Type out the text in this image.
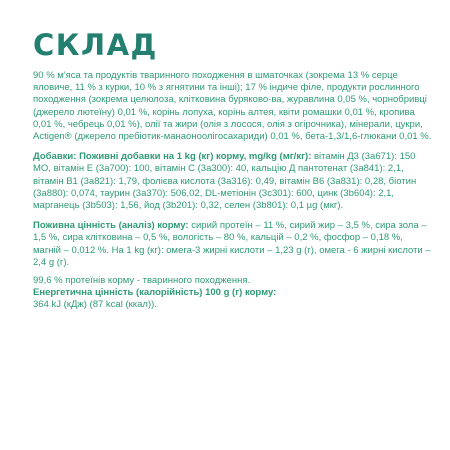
СКЛАД

90 % м'яса та продуктів тваринного походження в шматочках (зокрема 13 % серце яловиче, 11 % з курки, 10 % з ягнятини та інші); 17 % індиче філе, продукти рослинного походження (зокрема целюлоза, клітковина буряково-ва, журавлина 0,05 %, чорнобривці (джерело лютеїну) 0,01 %, корінь лопуха, корінь алтея, квіти ромашки 0,01 %, кропива 0,01 %, чебрець 0,01 %), олії та жири (олія з лосося, олія з огірочника), мінерали, цукри, Actigen® (джерело пребіотик-манаоноолігосахариди) 0,01 %, бета-1,3/1,6-глюкани 0,01 %.

Добавки: Поживні добавки на 1 kg (кг) корму, mg/kg (мг/кг): вітамін Д3 (3а671): 150 МО, вітамін Е (3а700): 100, вітамін С (3а300): 40, кальцію Д пантотенат (3а841): 2,1, вітамін В1 (3а821): 1,79, фолієва кислота (3а316): 0,49, вітамін В6 (3а831): 0,28, біотин (3а880): 0,074, таурин (3а370): 506,02, DL-метіонін (3с301): 600, цинк (3b604): 2,1, марганець (3b503): 1,56, йод (3b201): 0,32, селен (3b801): 0,1 µg (мкг).

Поживна цінність (аналіз) корму: сирий протеїн – 11 %, сирий жир – 3,5 %, сира зола – 1,5 %, сира клітковина – 0,5 %, вологість – 80 %, кальцій – 0,2 %, фосфор – 0,18 %, магній – 0,012 %. На 1 kg (кг): омега-3 жирні кислоти – 1,23 g (г), омега - 6 жирні кислоти – 2,4 g (г).

99,6 % протеїнів корму - тваринного походження.

Енергетична цінність (калорійність) 100 g (г) корму:

364 kJ (кДж) (87 kcal (ккал)).
